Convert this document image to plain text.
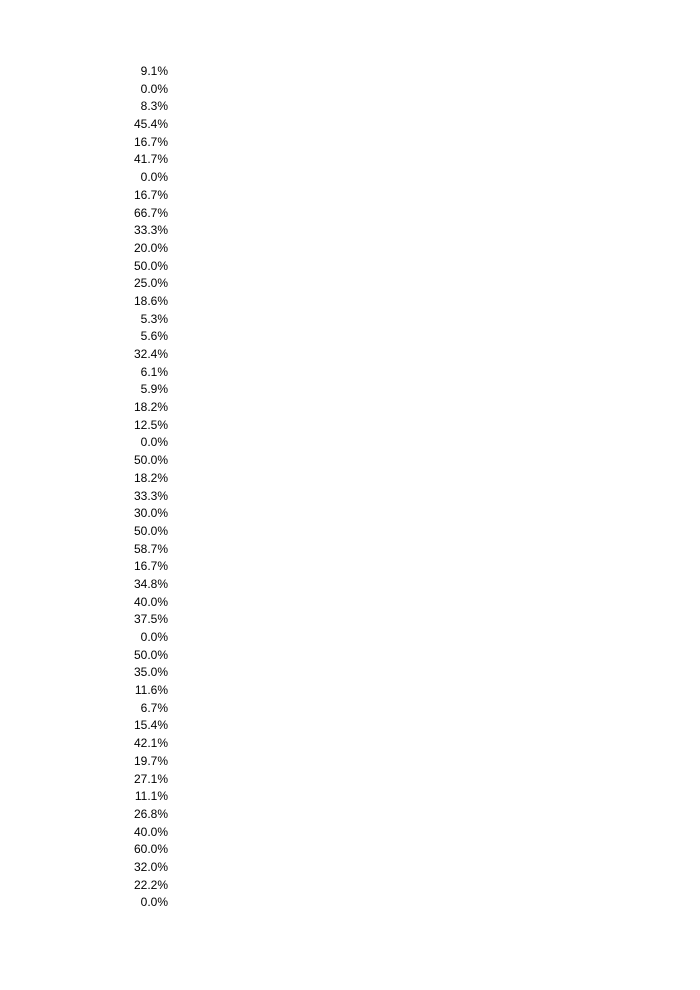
9.1%
0.0%
8.3%
45.4%
16.7%
41.7%
0.0%
16.7%
66.7%
33.3%
20.0%
50.0%
25.0%
18.6%
5.3%
5.6%
32.4%
6.1%
5.9%
18.2%
12.5%
0.0%
50.0%
18.2%
33.3%
30.0%
50.0%
58.7%
16.7%
34.8%
40.0%
37.5%
0.0%
50.0%
35.0%
11.6%
6.7%
15.4%
42.1%
19.7%
27.1%
11.1%
26.8%
40.0%
60.0%
32.0%
22.2%
0.0%
